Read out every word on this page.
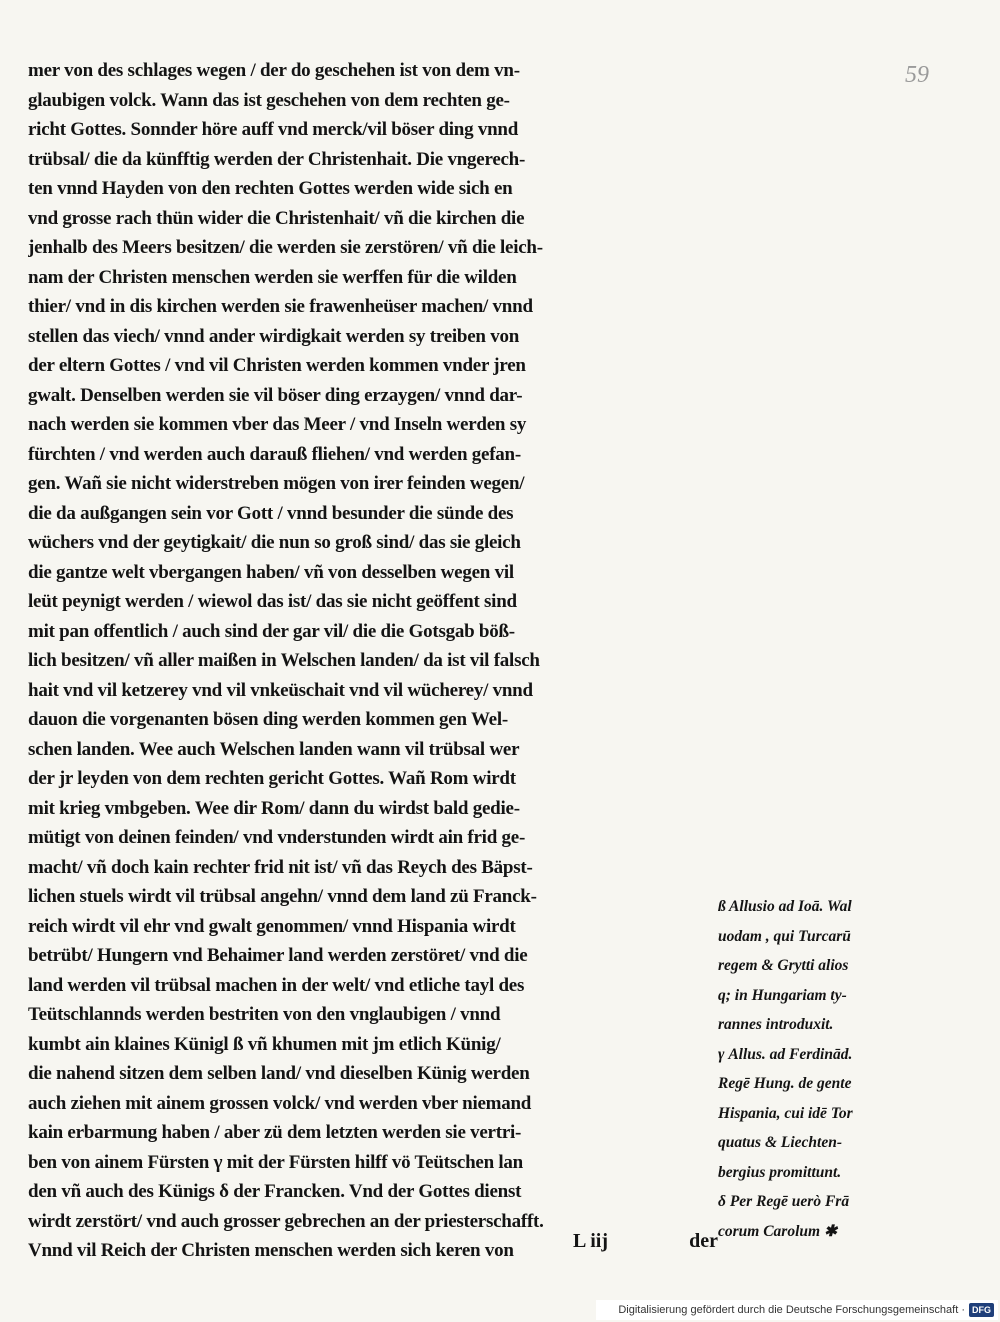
59
mer von des schlages wegen / der do geschehen ist von dem vn-
glaubigen volck. Wann das ist geschehen von dem rechten ge-
richt Gottes. Sonnder höre auff vnd merck/vil böser ding vnnd
trübsal/ die da künfftig werden der Christenhait. Die vngerech-
ten vnnd Hayden von den rechten Gottes werden wide sich en
vnd grosse rach thün wider die Christenhait/ vñ die kirchen die
jenhalb des Meers besitzen/ die werden sie zerstören/ vñ die leich-
nam der Christen menschen werden sie werffen für die wilden
thier/ vnd in dis kirchen werden sie frawenheüser machen/ vnnd
stellen das viech/ vnnd ander wirdigkait werden sy treiben von
der eltern Gottes / vnd vil Christen werden kommen vnder jren
gwalt. Denselben werden sie vil böser ding erzaygen/ vnnd dar-
nach werden sie kommen vber das Meer / vnd Inseln werden sy
fürchten / vnd werden auch darauß fliehen/ vnd werden gefan-
gen. Wañ sie nicht widerstreben mögen von irer feinden wegen/
die da außgangen sein vor Gott / vnnd besunder die sünde des
wüchers vnd der geytigkait/ die nun so groß sind/ das sie gleich
die gantze welt vbergangen haben/ vñ von desselben wegen vil
leüt peynigt werden / wiewol das ist/ das sie nicht geöffent sind
mit pan offentlich / auch sind der gar vil/ die die Gotsgab böß-
lich besitzen/ vñ aller maißen in Welschen landen/ da ist vil falsch
hait vnd vil ketzerey vnd vil vnkeüschait vnd vil wücherey/ vnnd
dauon die vorgenanten bösen ding werden kommen gen Wel-
schen landen. Wee auch Welschen landen wann vil trübsal wer
der jr leyden von dem rechten gericht Gottes. Wañ Rom wirdt
mit krieg vmbgeben. Wee dir Rom/ dann du wirdst bald gedie-
mütigt von deinen feinden/ vnd vnderstunden wirdt ain frid ge-
macht/ vñ doch kain rechter frid nit ist/ vñ das Reych des Bäpst-
lichen stuels wirdt vil trübsal angehn/ vnnd dem land zü Franck-
reich wirdt vil ehr vnd gwalt genommen/ vnnd Hispania wirdt
betrübt/ Hungern vnd Behaimer land werden zerstöret/ vnd die
land werden vil trübsal machen in der welt/ vnd etliche tayl des
Teütschlannds werden bestriten von den vnglaubigen / vnnd
kumbt ain klaines Künigl ß vñ khumen mit jm etlich Künig/
die nahend sitzen dem selben land/ vnd dieselben Künig werden
auch ziehen mit ainem grossen volck/ vnd werden vber niemand
kain erbarmung haben / aber zü dem letzten werden sie vertri-
ben von ainem Fürsten γ mit der Fürsten hilff vö Teütschen lan
den vñ auch des Künigs δ der Francken. Vnd der Gottes dienst
wirdt zerstört/ vnd auch grosser gebrechen an der priesterschafft.
Vnnd vil Reich der Christen menschen werden sich keren von
ß Allusio ad Ioā. Wal
uodam , qui Turcarū
regem & Grytti alios
q; in Hungariam ty-
rannes introduxit.
γ Allus. ad Ferdinād.
Regē Hung. de gente
Hispania, cui idē Tor
quatus & Liechten-
bergius promittunt.
δ Per Regē uerò Frā
corum Carolum ✱
L iij	der
Digitalisierung gefördert durch die Deutsche Forschungsgemeinschaft · DFG
